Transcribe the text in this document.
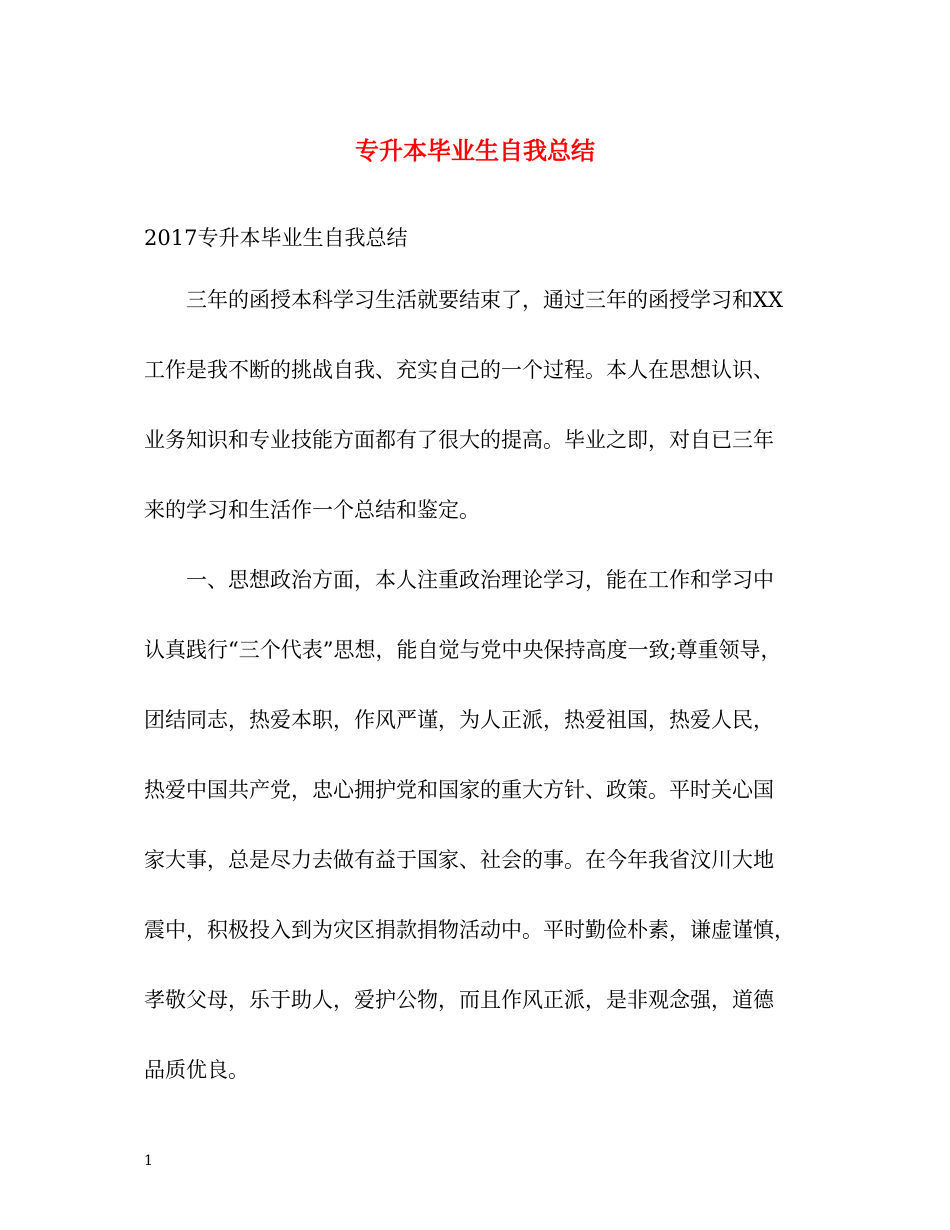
专升本毕业生自我总结
2017专升本毕业生自我总结
　　三年的函授本科学习生活就要结束了，通过三年的函授学习和XX
工作是我不断的挑战自我、充实自己的一个过程。本人在思想认识、
业务知识和专业技能方面都有了很大的提高。毕业之即，对自已三年
来的学习和生活作一个总结和鉴定。
　　一、思想政治方面，本人注重政治理论学习，能在工作和学习中
认真践行“三个代表”思想，能自觉与党中央保持高度一致;尊重领导，
团结同志，热爱本职，作风严谨，为人正派，热爱祖国，热爱人民，
热爱中国共产党，忠心拥护党和国家的重大方针、政策。平时关心国
家大事，总是尽力去做有益于国家、社会的事。在今年我省汶川大地
震中，积极投入到为灾区捐款捐物活动中。平时勤俭朴素，谦虚谨慎，
孝敬父母，乐于助人，爱护公物，而且作风正派，是非观念强，道德
品质优良。
1
